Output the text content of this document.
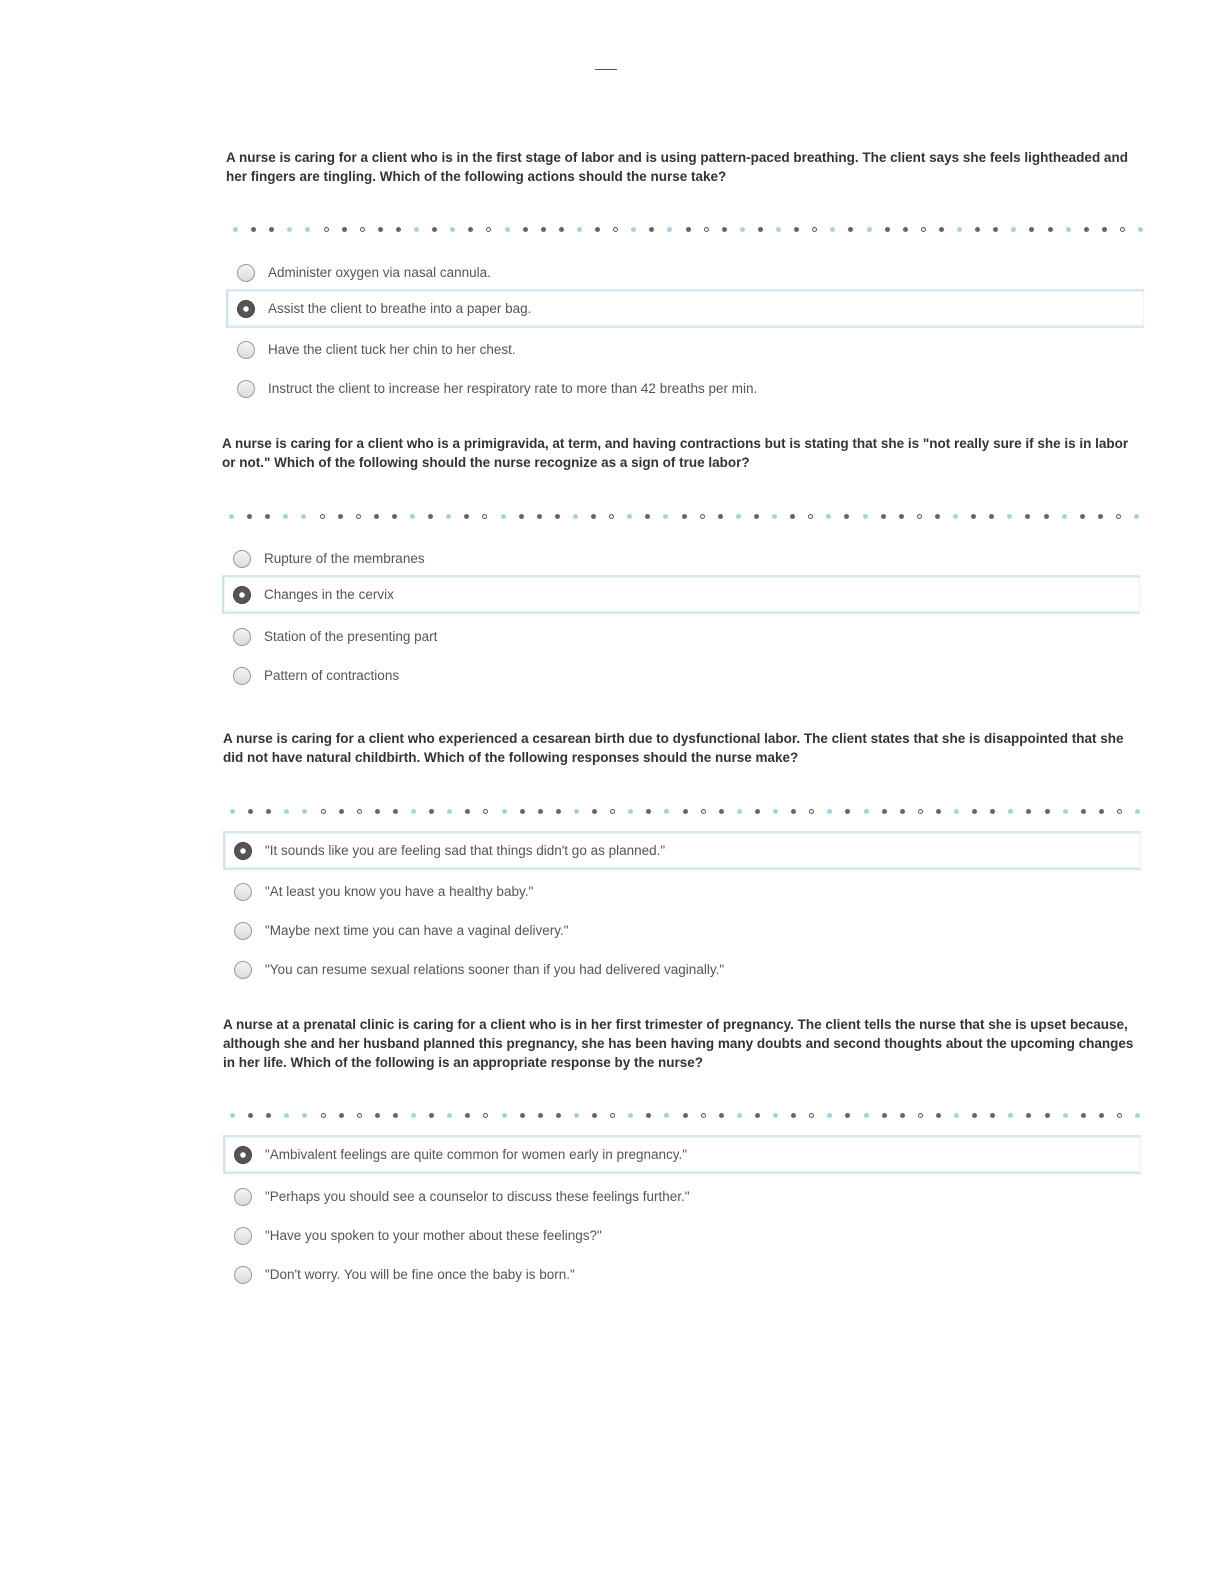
A nurse is caring for a client who is in the first stage of labor and is using pattern-paced breathing. The client says she feels lightheaded and her fingers are tingling. Which of the following actions should the nurse take?

Administer oxygen via nasal cannula.
Assist the client to breathe into a paper bag.
Have the client tuck her chin to her chest.
Instruct the client to increase her respiratory rate to more than 42 breaths per min.

A nurse is caring for a client who is a primigravida, at term, and having contractions but is stating that she is "not really sure if she is in labor or not." Which of the following should the nurse recognize as a sign of true labor?

Rupture of the membranes
Changes in the cervix
Station of the presenting part
Pattern of contractions

A nurse is caring for a client who experienced a cesarean birth due to dysfunctional labor. The client states that she is disappointed that she did not have natural childbirth. Which of the following responses should the nurse make?

"It sounds like you are feeling sad that things didn't go as planned."
"At least you know you have a healthy baby."
"Maybe next time you can have a vaginal delivery."
"You can resume sexual relations sooner than if you had delivered vaginally."

A nurse at a prenatal clinic is caring for a client who is in her first trimester of pregnancy. The client tells the nurse that she is upset because, although she and her husband planned this pregnancy, she has been having many doubts and second thoughts about the upcoming changes in her life. Which of the following is an appropriate response by the nurse?

"Ambivalent feelings are quite common for women early in pregnancy."
"Perhaps you should see a counselor to discuss these feelings further."
"Have you spoken to your mother about these feelings?"
"Don't worry. You will be fine once the baby is born."
